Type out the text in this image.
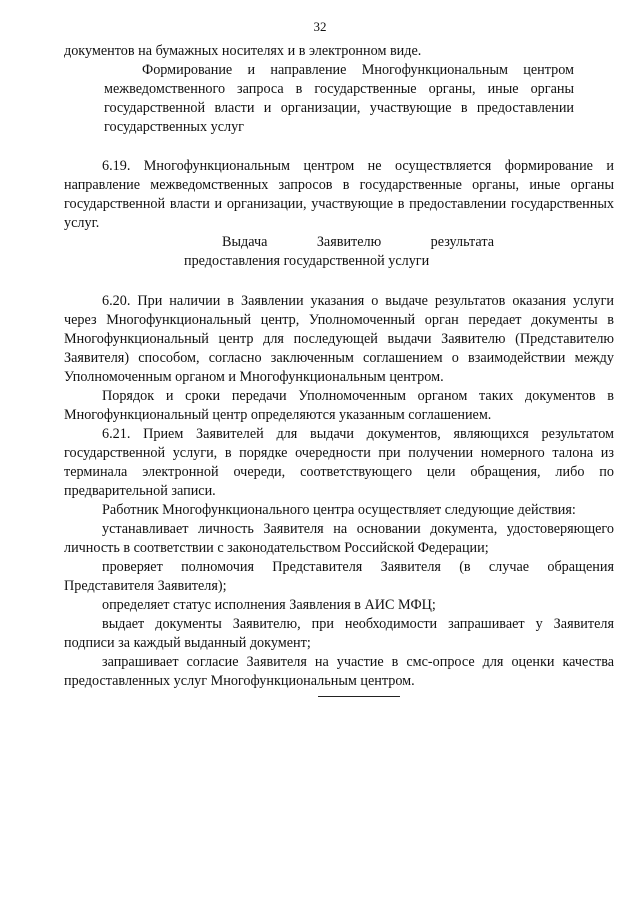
32

документов на бумажных носителях и в электронном виде.

Формирование и направление Многофункциональным центром межведомственного запроса в государственные органы, иные органы государственной власти и организации, участвующие в предоставлении государственных услуг

6.19. Многофункциональным центром не осуществляется формирование и направление межведомственных запросов в государственные органы, иные органы государственной власти и организации, участвующие в предоставлении государственных услуг.

Выдача Заявителю результата предоставления государственной услуги

6.20. При наличии в Заявлении указания о выдаче результатов оказания услуги через Многофункциональный центр, Уполномоченный орган передает документы в Многофункциональный центр для последующей выдачи Заявителю (Представителю Заявителя) способом, согласно заключенным соглашением о взаимодействии между Уполномоченным органом и Многофункциональным центром.

Порядок и сроки передачи Уполномоченным органом таких документов в Многофункциональный центр определяются указанным соглашением.

6.21. Прием Заявителей для выдачи документов, являющихся результатом государственной услуги, в порядке очередности при получении номерного талона из терминала электронной очереди, соответствующего цели обращения, либо по предварительной записи.

Работник Многофункционального центра осуществляет следующие действия:

устанавливает личность Заявителя на основании документа, удостоверяющего личность в соответствии с законодательством Российской Федерации;

проверяет полномочия Представителя Заявителя (в случае обращения Представителя Заявителя);

определяет статус исполнения Заявления в АИС МФЦ;

выдает документы Заявителю, при необходимости запрашивает у Заявителя подписи за каждый выданный документ;

запрашивает согласие Заявителя на участие в смс-опросе для оценки качества предоставленных услуг Многофункциональным центром.
